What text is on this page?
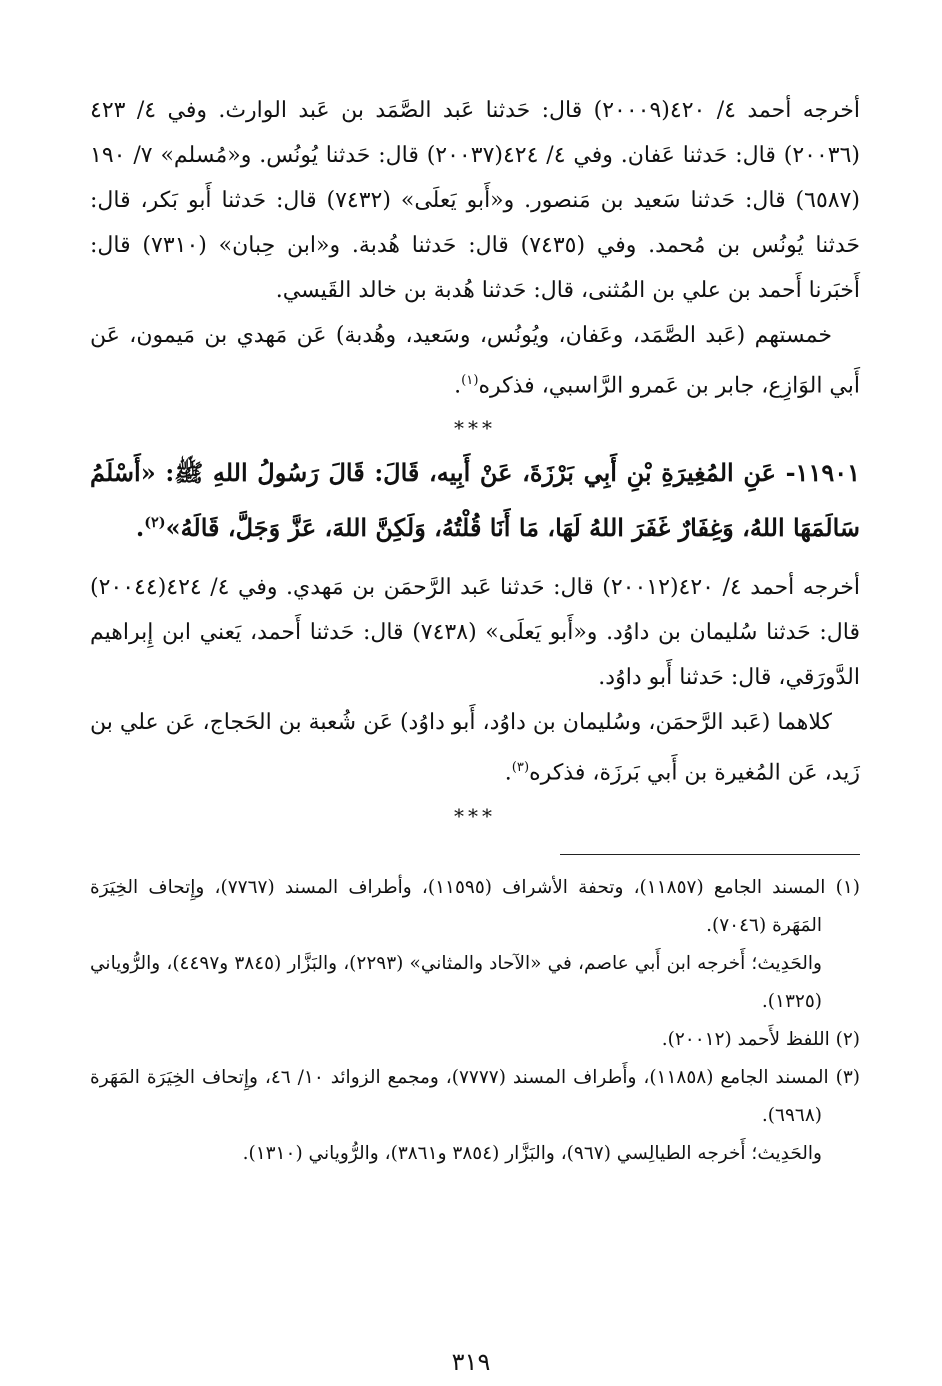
أخرجه أحمد ٤/ ٤٢٠(٢٠٠٠٩) قال: حَدثنا عَبد الصَّمَد بن عَبد الوارث. وفي ٤/ ٤٢٣ (٢٠٠٣٦) قال: حَدثنا عَفان. وفي ٤/ ٤٢٤(٢٠٠٣٧) قال: حَدثنا يُونُس. و«مُسلم» ٧/ ١٩٠ (٦٥٨٧) قال: حَدثنا سَعيد بن مَنصور. و«أَبو يَعلَى» (٧٤٣٢) قال: حَدثنا أَبو بَكر، قال: حَدثنا يُونُس بن مُحمد. وفي (٧٤٣٥) قال: حَدثنا هُدبة. و«ابن حِبان» (٧٣١٠) قال: أَخبَرنا أَحمد بن علي بن المُثنى، قال: حَدثنا هُدبة بن خالد القَيسي.

خمستهم (عَبد الصَّمَد، وعَفان، ويُونُس، وسَعيد، وهُدبة) عَن مَهدي بن مَيمون، عَن أَبي الوَازِع، جابر بن عَمرو الرَّاسبي، فذكره$^{(١)}$.

***

١١٩٠١- عَنِ المُغِيرَةِ بْنِ أَبِي بَرْزَةَ، عَنْ أَبِيه، قَالَ: قَالَ رَسُولُ اللهِ ﷺ: «أَسْلَمُ سَالَمَهَا اللهُ، وَغِفَارٌ غَفَرَ اللهُ لَهَا، مَا أَنَا قُلْتُهُ، وَلَكِنَّ اللهَ، عَزَّ وَجَلَّ، قَالَهُ»$^{(٢)}$.

أخرجه أحمد ٤/ ٤٢٠(٢٠٠١٢) قال: حَدثنا عَبد الرَّحمَن بن مَهدي. وفي ٤/ ٤٢٤(٢٠٠٤٤) قال: حَدثنا سُليمان بن داوُد. و«أَبو يَعلَى» (٧٤٣٨) قال: حَدثنا أَحمد، يَعني ابن إِبراهيم الدَّورَقي، قال: حَدثنا أَبو داوُد.

كلاهما (عَبد الرَّحمَن، وسُليمان بن داوُد، أَبو داوُد) عَن شُعبة بن الحَجاج، عَن علي بن زَيد، عَن المُغيرة بن أَبي بَرزَة، فذكره$^{(٣)}$.

***

(١) المسند الجامع (١١٨٥٧)، وتحفة الأشراف (١١٥٩٥)، وأطراف المسند (٧٧٦٧)، وإِتحاف الخِيَرَة المَهَرة (٧٠٤٦).

والحَدِيث؛ أَخرجه ابن أَبي عاصم، في «الآحاد والمثاني» (٢٢٩٣)، والبَزَّار (٣٨٤٥ و٤٤٩٧)، والرُّوياني (١٣٢٥).

(٢) اللفظ لأَحمد (٢٠٠١٢).

(٣) المسند الجامع (١١٨٥٨)، وأَطراف المسند (٧٧٧٧)، ومجمع الزوائد ١٠/ ٤٦، وإِتحاف الخِيَرَة المَهَرة (٦٩٦٨).

والحَدِيث؛ أَخرجه الطيالِسي (٩٦٧)، والبَزَّار (٣٨٥٤ و٣٨٦١)، والرُّوياني (١٣١٠).

٣١٩
